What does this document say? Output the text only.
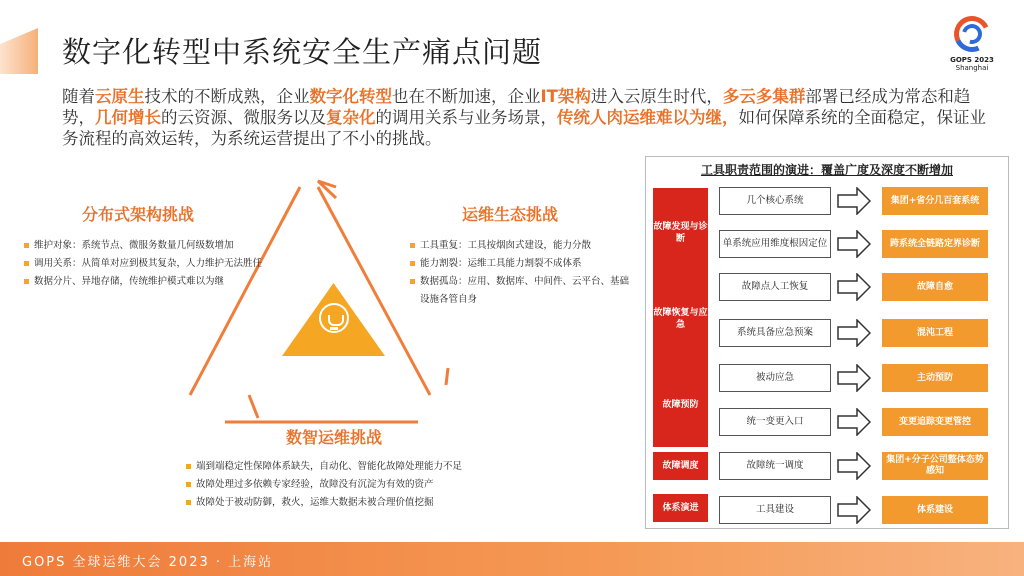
数字化转型中系统安全生产痛点问题	GOPS 2023
Shanghai
随着云原生技术的不断成熟，企业数字化转型也在不断加速，企业IT架构进入云原生时代，多云多集群部署已经成为常态和趋势，几何增长的云资源、微服务以及复杂化的调用关系与业务场景，传统人肉运维难以为继，如何保障系统的全面稳定，保证业务流程的高效运转，为系统运营提出了不小的挑战。
分布式架构挑战
维护对象：系统节点、微服务数量几何级数增加
调用关系：从简单对应到极其复杂，人力维护无法胜任
数据分片、异地存储，传统维护模式难以为继
运维生态挑战
工具重复：工具按烟囱式建设，能力分散
能力割裂：运维工具能力割裂不成体系
数据孤岛：应用、数据库、中间件、云平台、基础设施各管自身
数智运维挑战
端到端稳定性保障体系缺失，自动化、智能化故障处理能力不足
故障处理过多依赖专家经验，故障没有沉淀为有效的资产
故障处于被动防御，救火，运维大数据未被合理价值挖掘
工具职责范围的演进：覆盖广度及深度不断增加
故障发现与诊断
故障恢复与应急
故障预防
故障调度
体系演进
几个核心系统
单系统应用维度根因定位
故障点人工恢复
系统具备应急预案
被动应急
统一变更入口
故障统一调度
工具建设
集团+省分几百套系统
跨系统全链路定界诊断
故障自愈
混沌工程
主动预防
变更追踪变更管控
集团+分子公司整体态势感知
体系建设
GOPS 全球运维大会 2023 · 上海站
